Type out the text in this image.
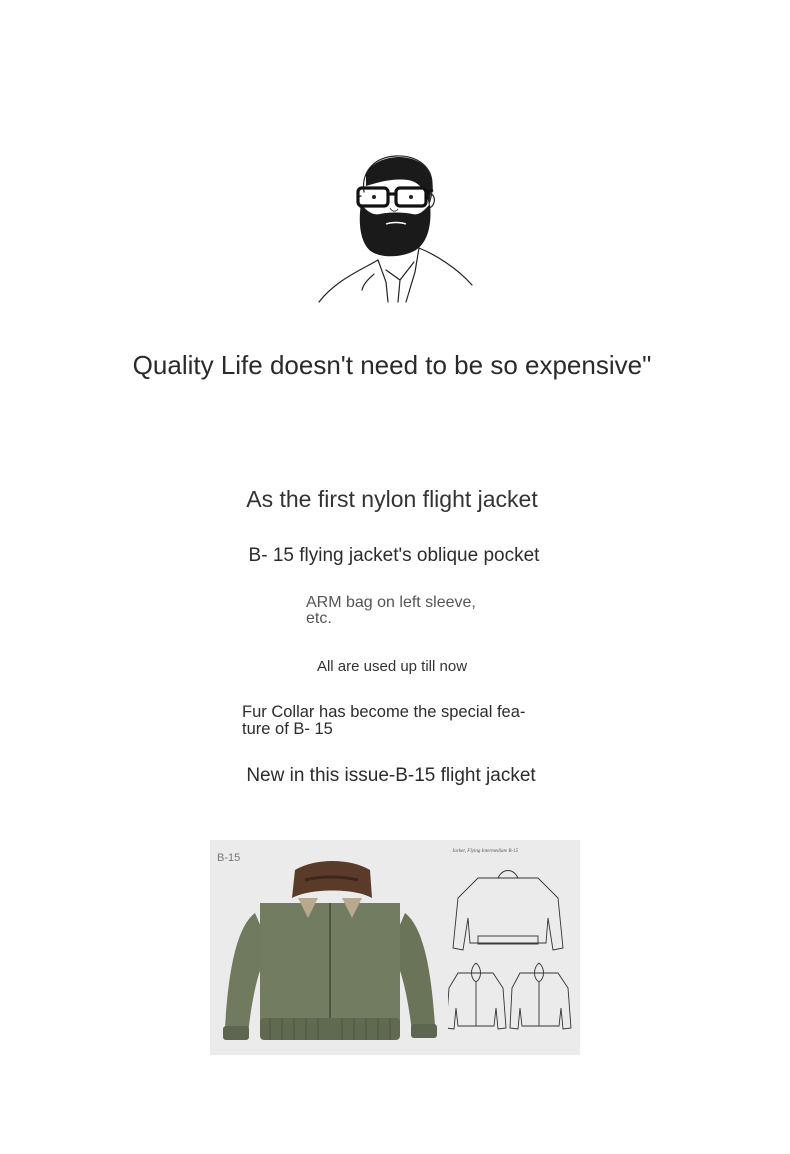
Quality Life doesn't need to be so expensive"
As the first nylon flight jacket
B- 15 flying jacket's oblique pocket
ARM bag on left sleeve,
etc.
All are used up till now
Fur Collar has become the special fea-
ture of B- 15
New in this issue-B-15 flight jacket
B-15
Jacket, Flying Intermediate B-15
